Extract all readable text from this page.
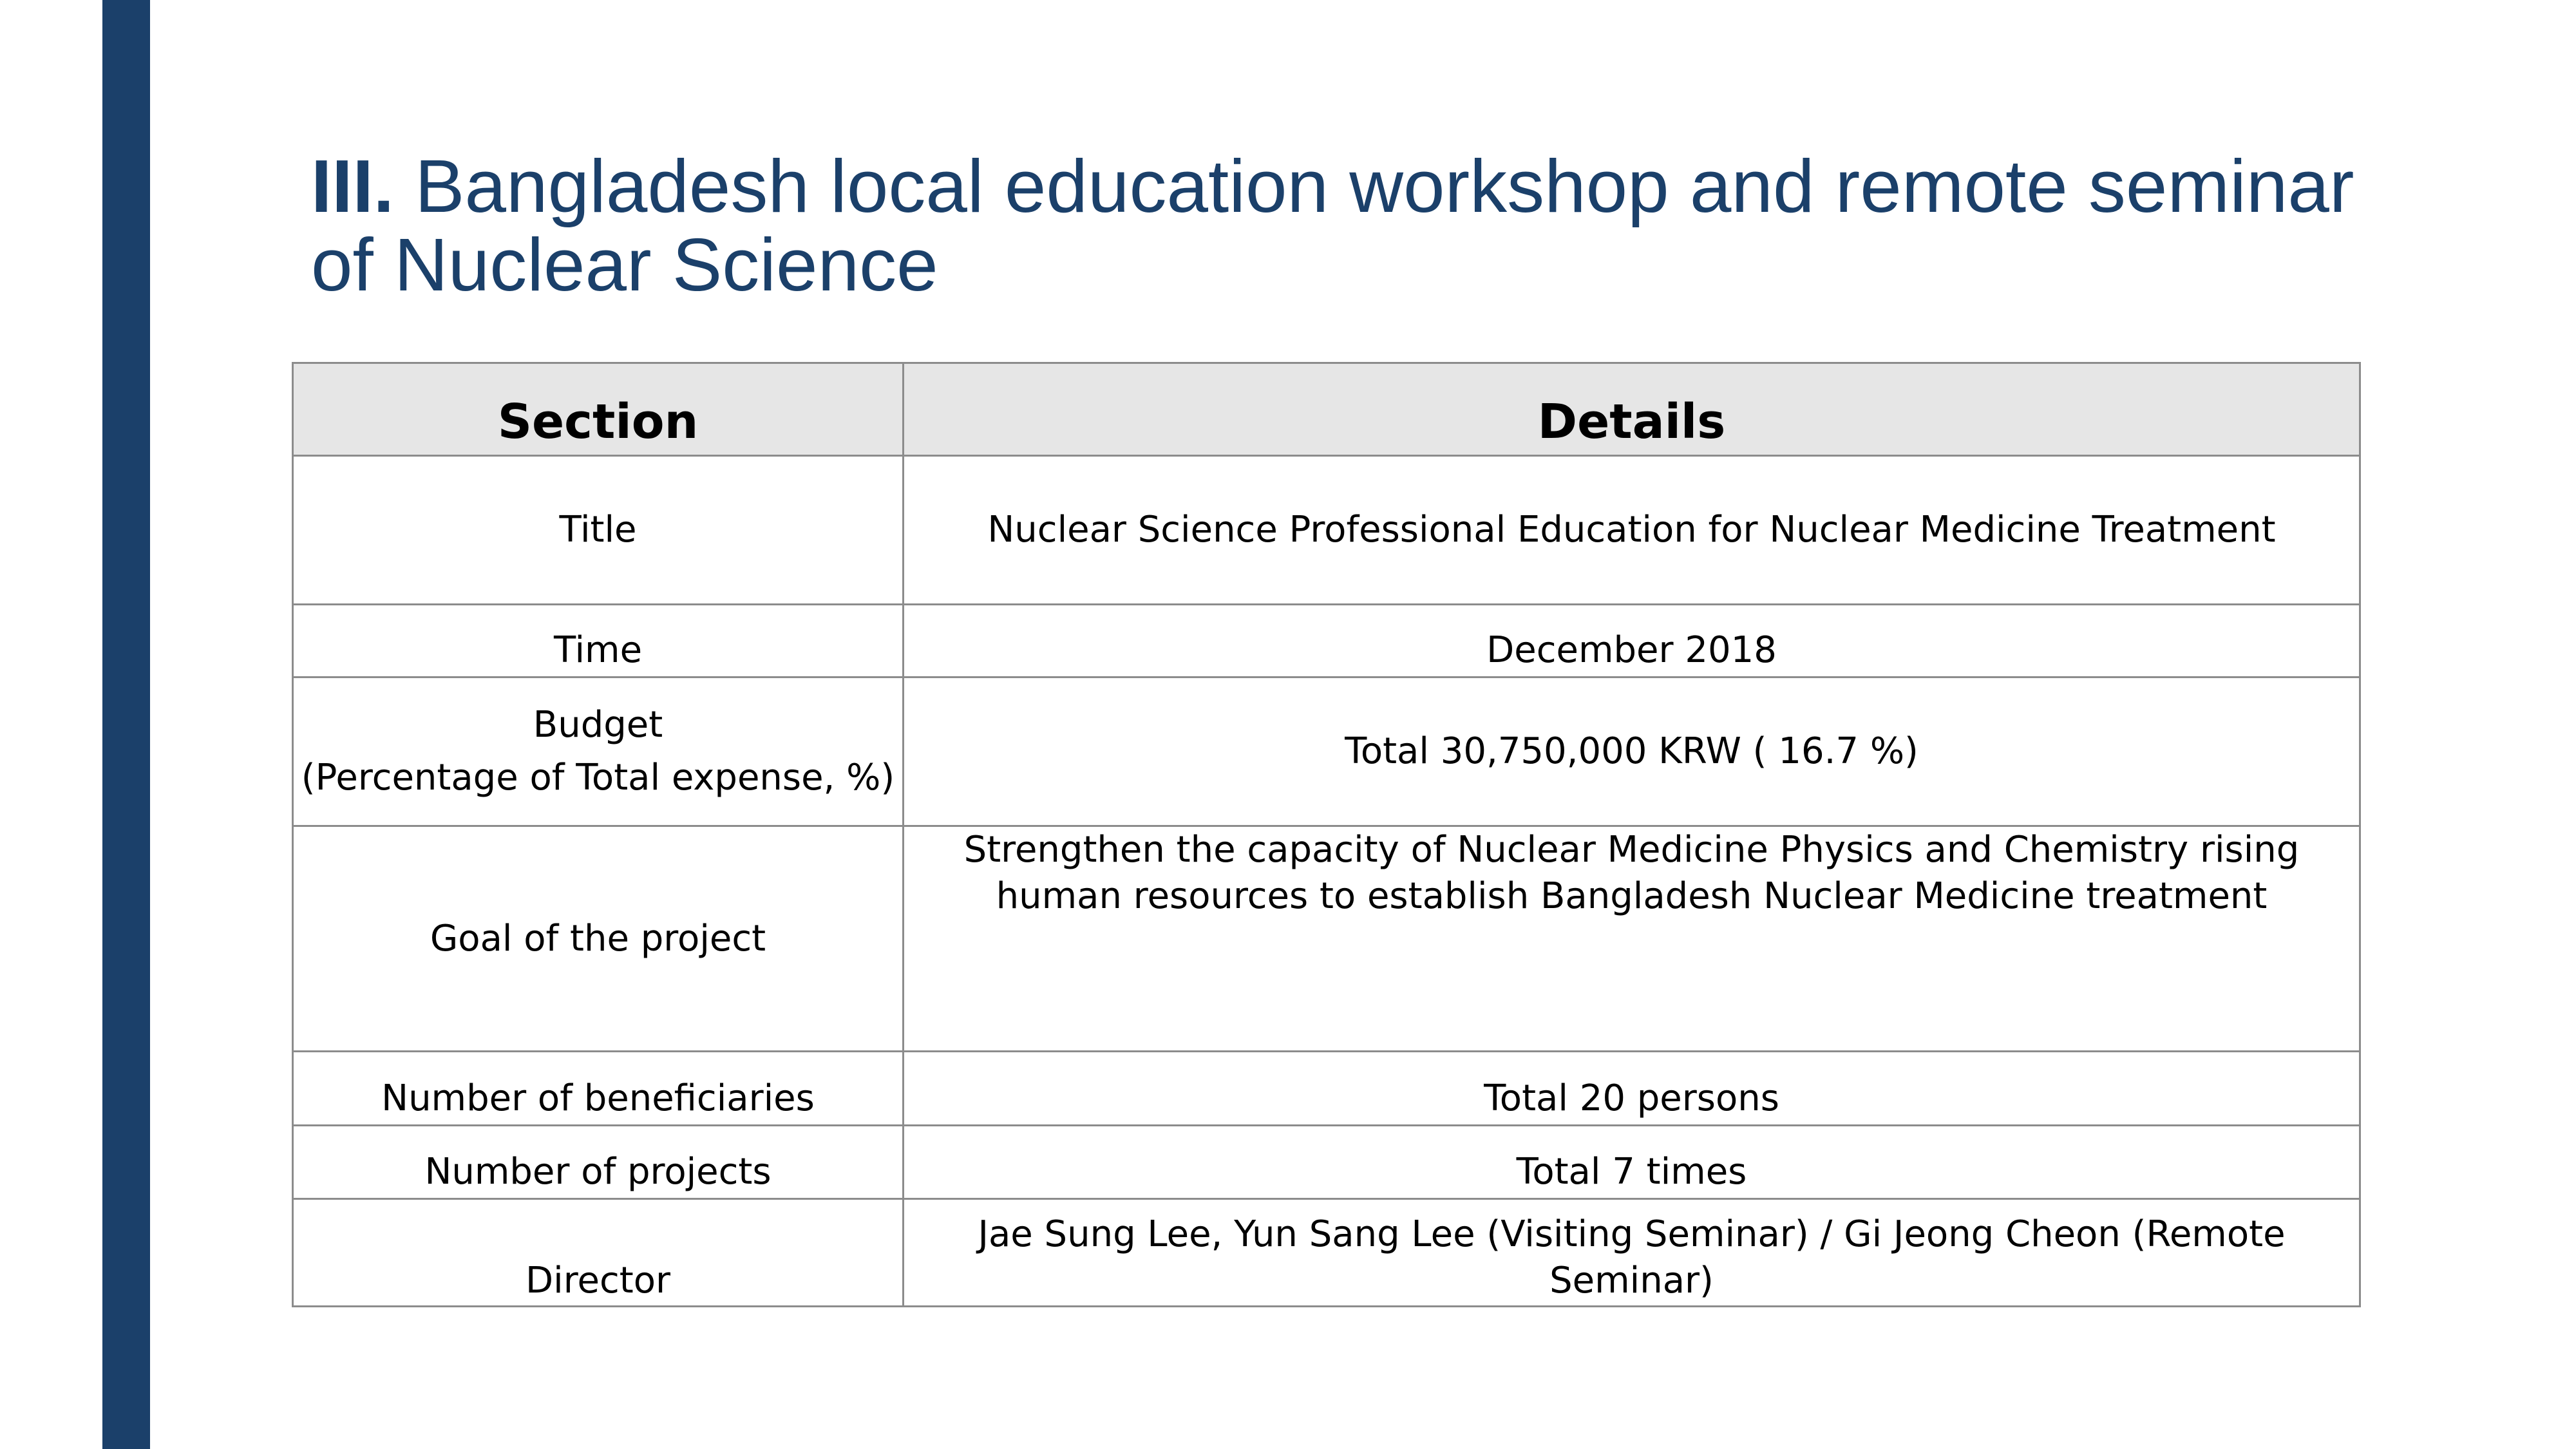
III. Bangladesh local education workshop and remote seminar of Nuclear Science
Section	Details
Title	Nuclear Science Professional Education for Nuclear Medicine Treatment
Time	December 2018

Budget
(Percentage of Total expense, %)	Total 30,750,000 KRW ( 16.7 %)
Goal of the project	Strengthen the capacity of Nuclear Medicine Physics and Chemistry rising human resources to establish Bangladesh Nuclear Medicine treatment
Number of beneficiaries	Total 20 persons
Number of projects	Total 7 times
Director	Jae Sung Lee, Yun Sang Lee (Visiting Seminar) / Gi Jeong Cheon (Remote Seminar)
